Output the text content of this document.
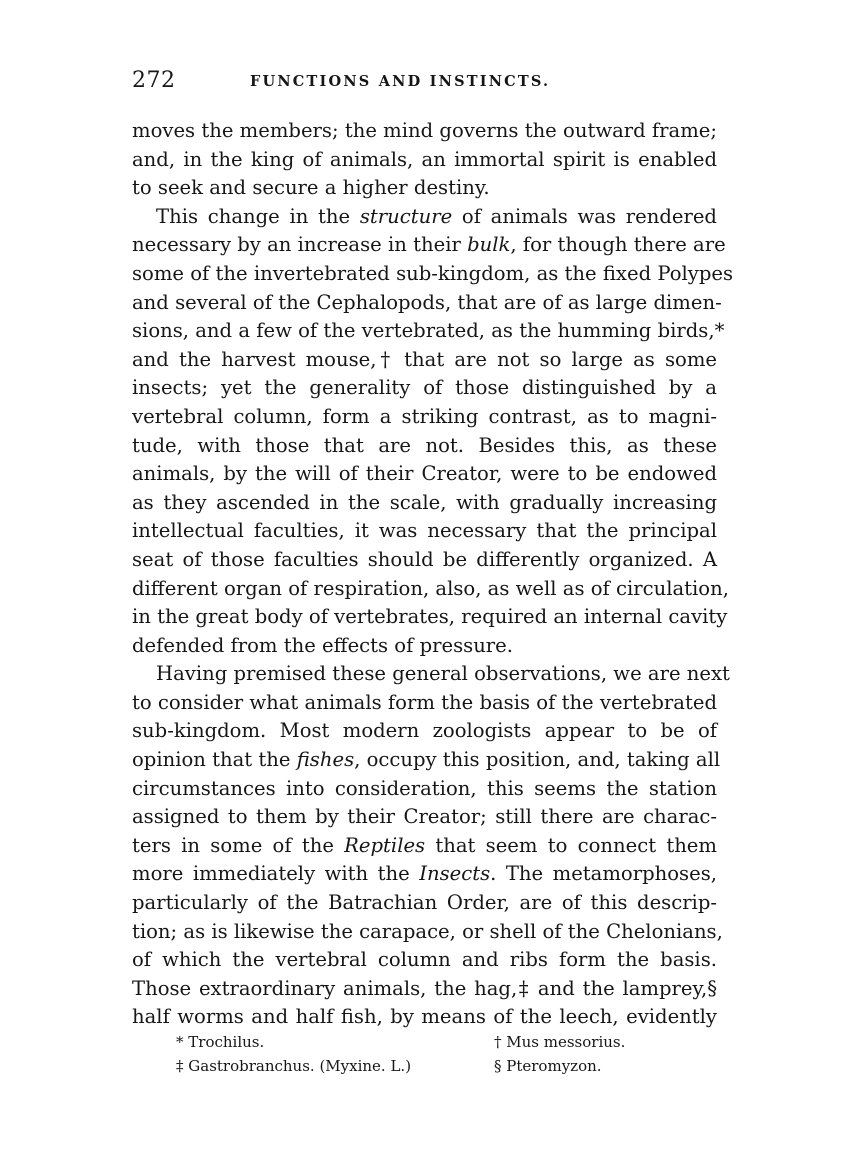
272	FUNCTIONS AND INSTINCTS.
moves the members; the mind governs the outward frame;
and, in the king of animals, an immortal spirit is enabled
to seek and secure a higher destiny.
This change in the structure of animals was rendered
necessary by an increase in their bulk, for though there are
some of the invertebrated sub-kingdom, as the fixed Polypes
and several of the Cephalopods, that are of as large dimen-
sions, and a few of the vertebrated, as the humming birds,*
and the harvest mouse,† that are not so large as some
insects; yet the generality of those distinguished by a
vertebral column, form a striking contrast, as to magni-
tude, with those that are not. Besides this, as these
animals, by the will of their Creator, were to be endowed
as they ascended in the scale, with gradually increasing
intellectual faculties, it was necessary that the principal
seat of those faculties should be differently organized. A
different organ of respiration, also, as well as of circulation,
in the great body of vertebrates, required an internal cavity
defended from the effects of pressure.
Having premised these general observations, we are next
to consider what animals form the basis of the vertebrated
sub-kingdom. Most modern zoologists appear to be of
opinion that the fishes, occupy this position, and, taking all
circumstances into consideration, this seems the station
assigned to them by their Creator; still there are charac-
ters in some of the Reptiles that seem to connect them
more immediately with the Insects. The metamorphoses,
particularly of the Batrachian Order, are of this descrip-
tion; as is likewise the carapace, or shell of the Chelonians,
of which the vertebral column and ribs form the basis.
Those extraordinary animals, the hag,‡ and the lamprey,§
half worms and half fish, by means of the leech, evidently
* Trochilus.	† Mus messorius.
‡ Gastrobranchus. (Myxine. L.)	§ Pteromyzon.
